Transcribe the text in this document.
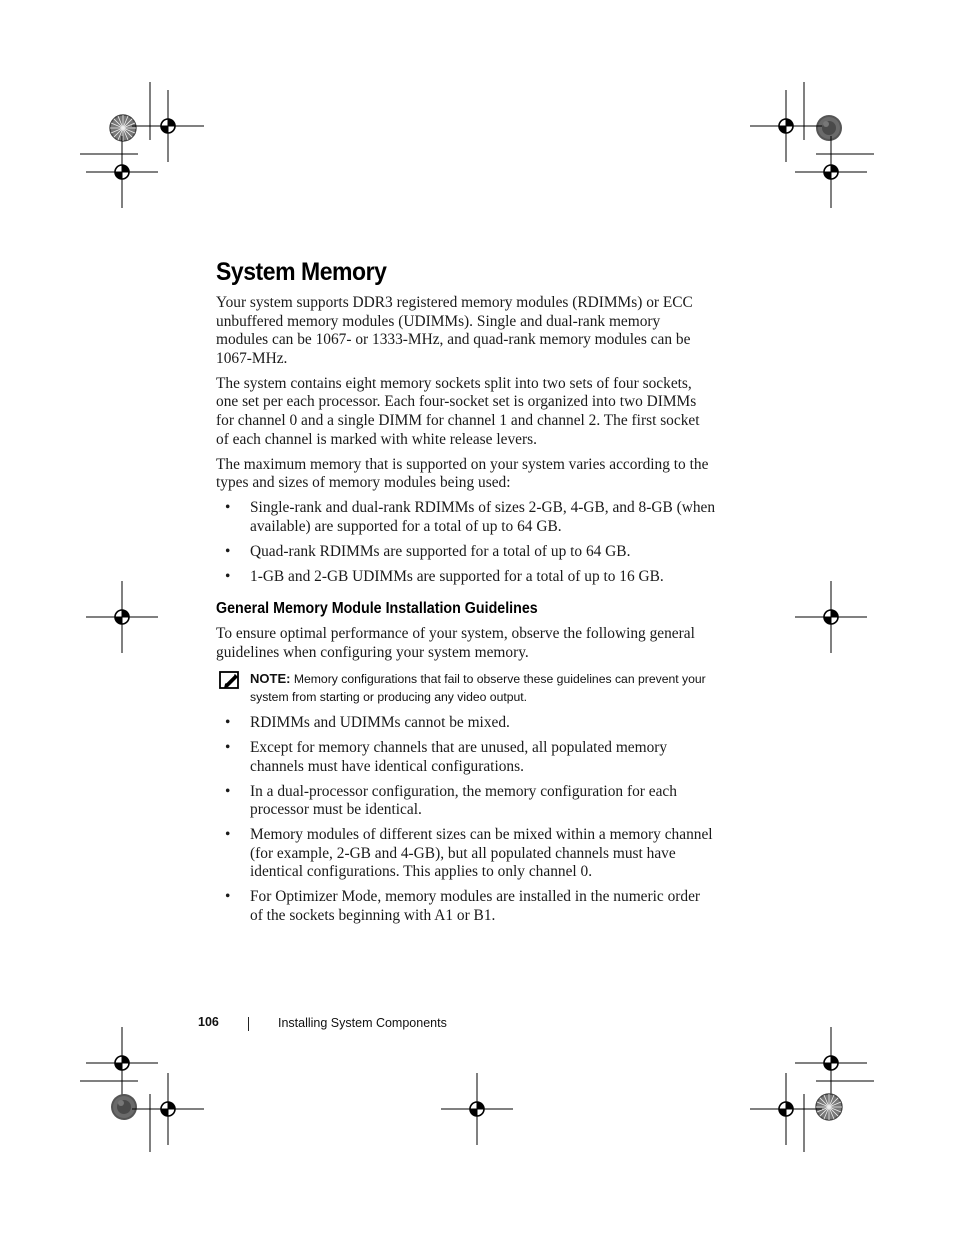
System Memory

Your system supports DDR3 registered memory modules (RDIMMs) or ECC unbuffered memory modules (UDIMMs). Single and dual-rank memory modules can be 1067- or 1333-MHz, and quad-rank memory modules can be 1067-MHz.

The system contains eight memory sockets split into two sets of four sockets, one set per each processor. Each four-socket set is organized into two DIMMs for channel 0 and a single DIMM for channel 1 and channel 2. The first socket of each channel is marked with white release levers.

The maximum memory that is supported on your system varies according to the types and sizes of memory modules being used:

• Single-rank and dual-rank RDIMMs of sizes 2-GB, 4-GB, and 8-GB (when available) are supported for a total of up to 64 GB.
• Quad-rank RDIMMs are supported for a total of up to 64 GB.
• 1-GB and 2-GB UDIMMs are supported for a total of up to 16 GB.
General Memory Module Installation Guidelines

To ensure optimal performance of your system, observe the following general guidelines when configuring your system memory.

NOTE: Memory configurations that fail to observe these guidelines can prevent your system from starting or producing any video output.
• RDIMMs and UDIMMs cannot be mixed.
• Except for memory channels that are unused, all populated memory channels must have identical configurations.
• In a dual-processor configuration, the memory configuration for each processor must be identical.
• Memory modules of different sizes can be mixed within a memory channel (for example, 2-GB and 4-GB), but all populated channels must have identical configurations. This applies to only channel 0.
• For Optimizer Mode, memory modules are installed in the numeric order of the sockets beginning with A1 or B1.
106	Installing System Components
